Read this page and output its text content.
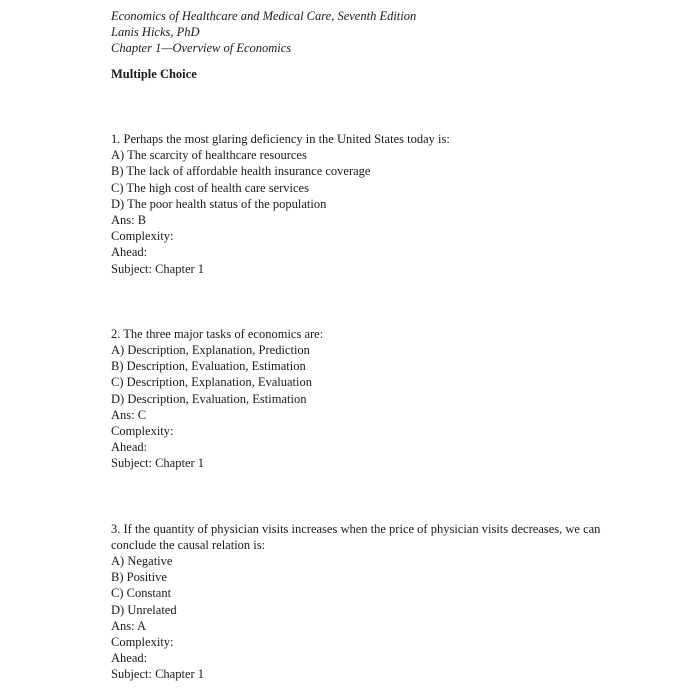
Economics of Healthcare and Medical Care, Seventh Edition
Lanis Hicks, PhD
Chapter 1—Overview of Economics
Multiple Choice
1. Perhaps the most glaring deficiency in the United States today is:
A) The scarcity of healthcare resources
B) The lack of affordable health insurance coverage
C) The high cost of health care services
D) The poor health status of the population
Ans: B
Complexity:
Ahead:
Subject: Chapter 1
2. The three major tasks of economics are:
A) Description, Explanation, Prediction
B) Description, Evaluation, Estimation
C) Description, Explanation, Evaluation
D) Description, Evaluation, Estimation
Ans: C
Complexity:
Ahead:
Subject: Chapter 1
3. If the quantity of physician visits increases when the price of physician visits decreases, we can conclude the causal relation is:
A) Negative
B) Positive
C) Constant
D) Unrelated
Ans: A
Complexity:
Ahead:
Subject: Chapter 1
